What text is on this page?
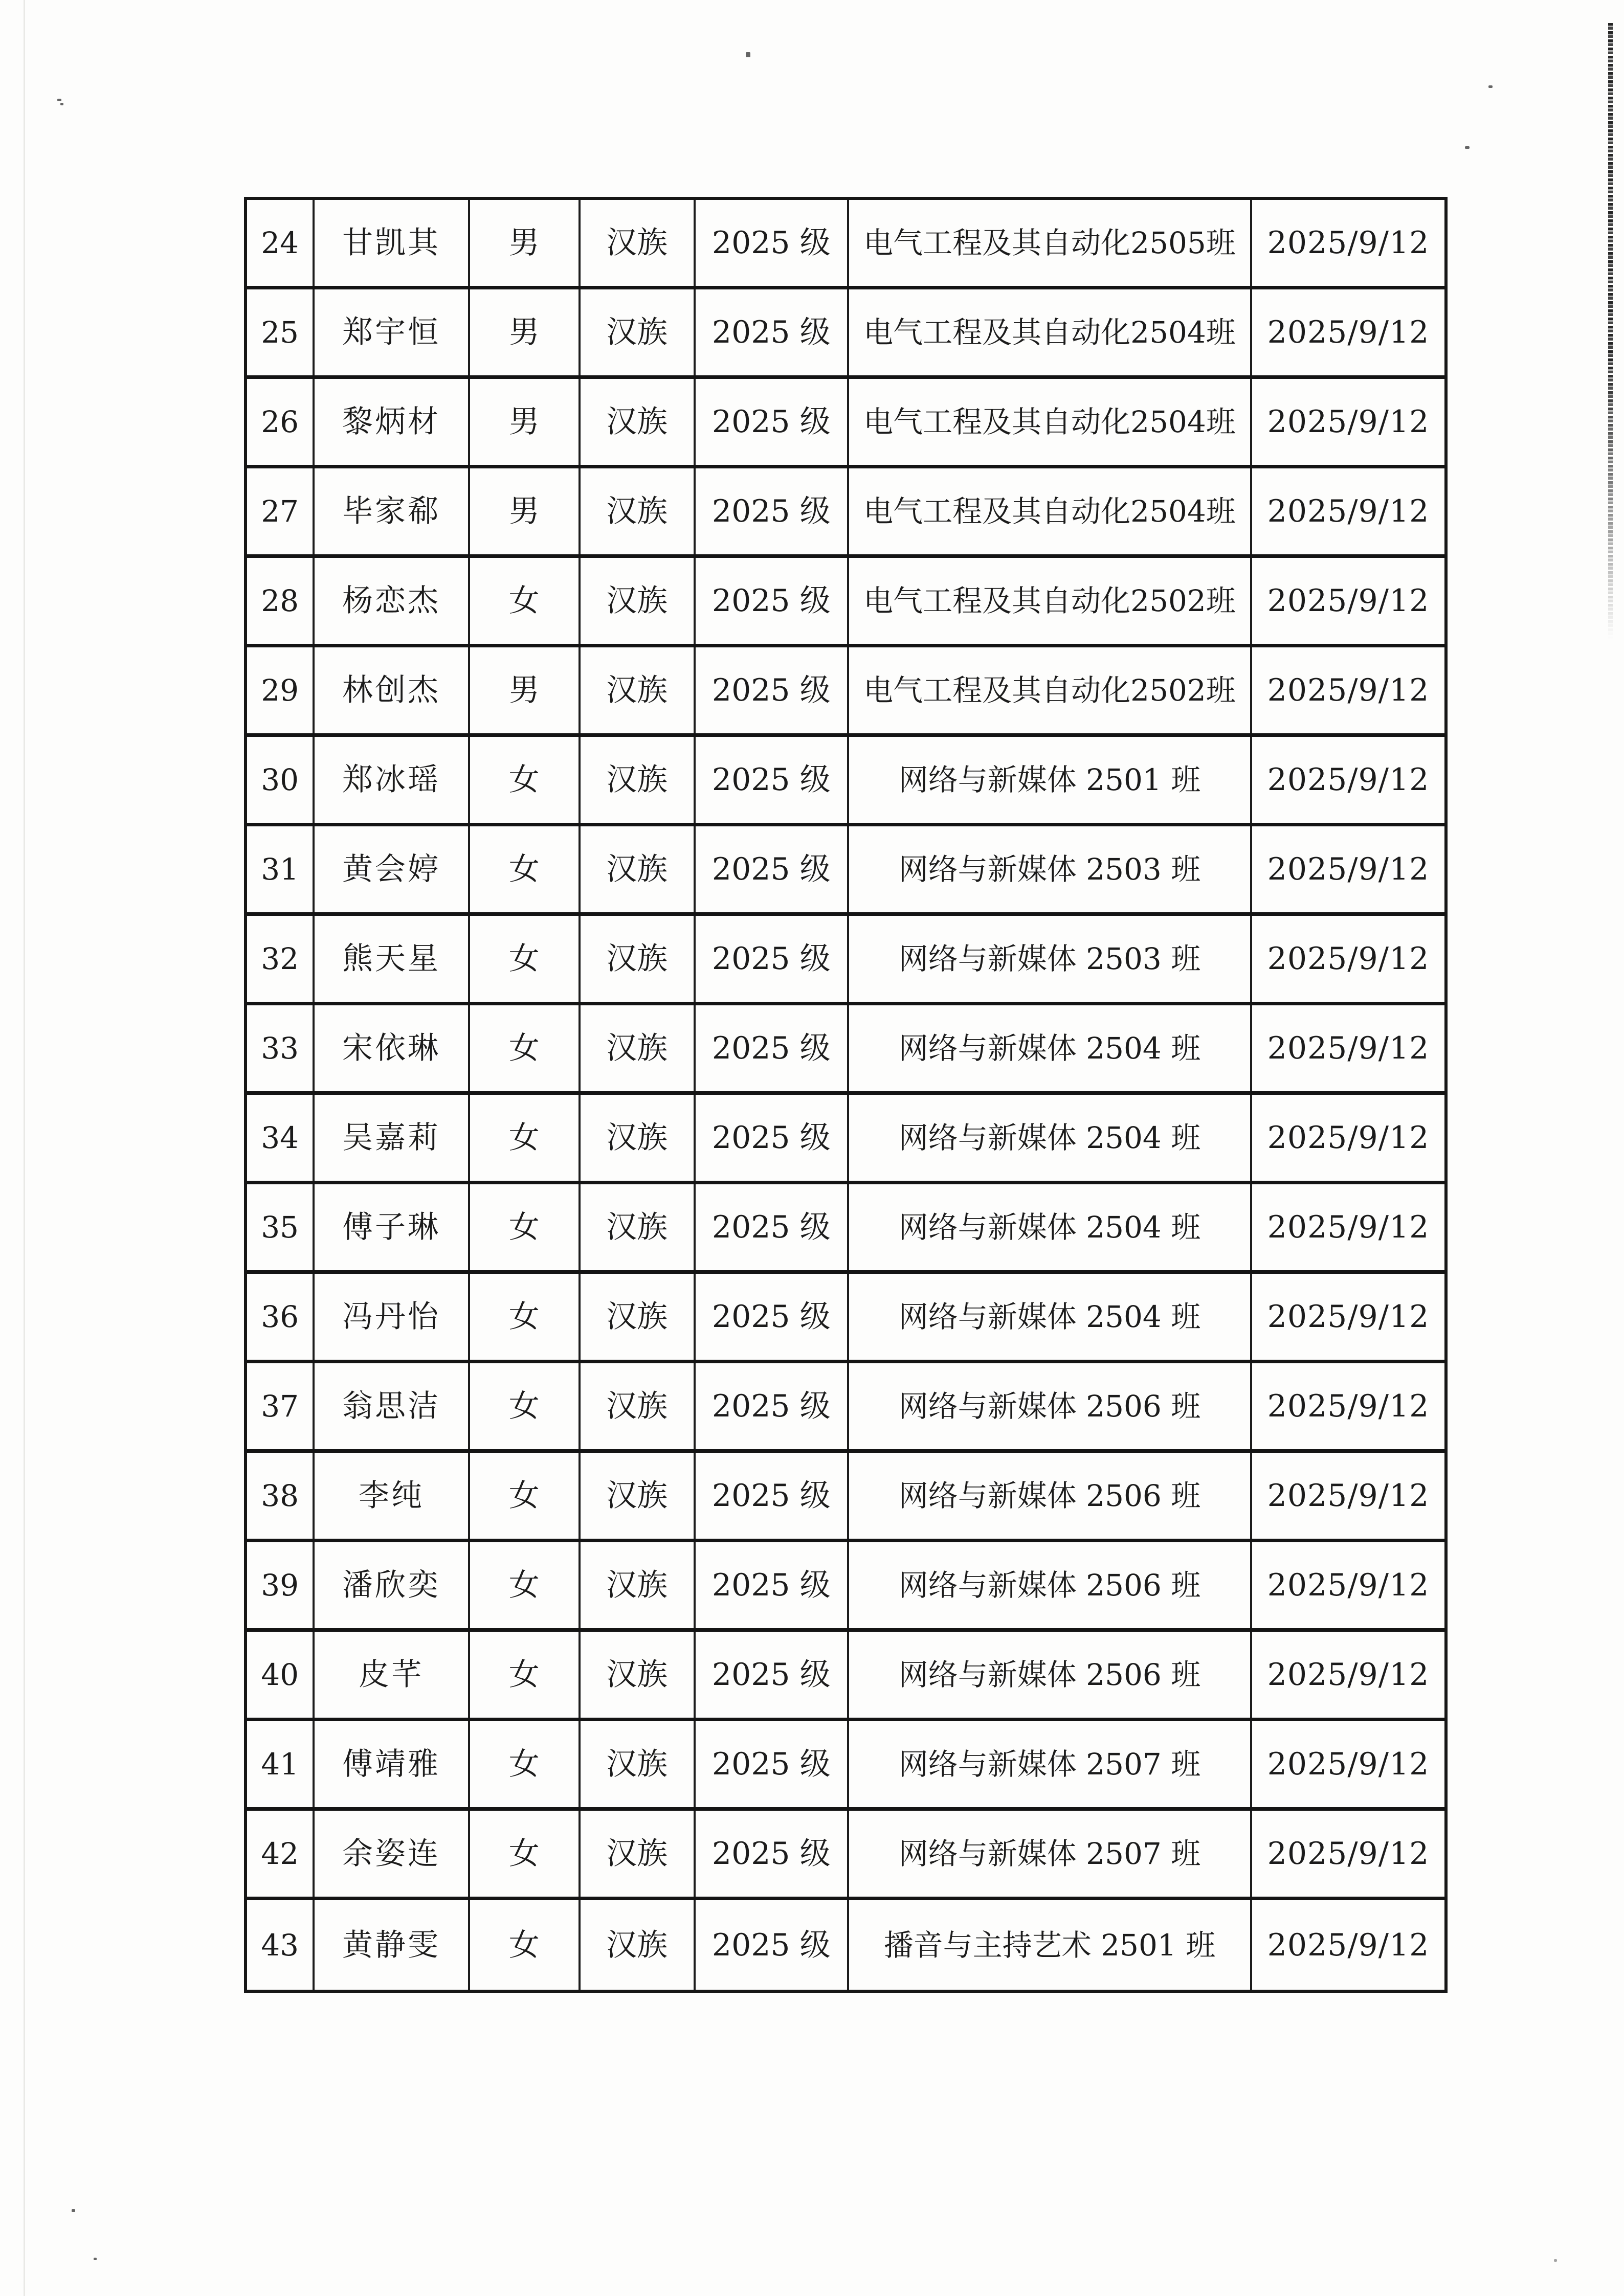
24	甘凯其	男	汉族	2025 级	电气工程及其自动化2505班	2025/9/12
25	郑宇恒	男	汉族	2025 级	电气工程及其自动化2504班	2025/9/12
26	黎炳材	男	汉族	2025 级	电气工程及其自动化2504班	2025/9/12
27	毕家郗	男	汉族	2025 级	电气工程及其自动化2504班	2025/9/12
28	杨恋杰	女	汉族	2025 级	电气工程及其自动化2502班	2025/9/12
29	林创杰	男	汉族	2025 级	电气工程及其自动化2502班	2025/9/12
30	郑冰瑶	女	汉族	2025 级	网络与新媒体 2501 班	2025/9/12
31	黄会婷	女	汉族	2025 级	网络与新媒体 2503 班	2025/9/12
32	熊天星	女	汉族	2025 级	网络与新媒体 2503 班	2025/9/12
33	宋依琳	女	汉族	2025 级	网络与新媒体 2504 班	2025/9/12
34	吴嘉莉	女	汉族	2025 级	网络与新媒体 2504 班	2025/9/12
35	傅子琳	女	汉族	2025 级	网络与新媒体 2504 班	2025/9/12
36	冯丹怡	女	汉族	2025 级	网络与新媒体 2504 班	2025/9/12
37	翁思洁	女	汉族	2025 级	网络与新媒体 2506 班	2025/9/12
38	李纯	女	汉族	2025 级	网络与新媒体 2506 班	2025/9/12
39	潘欣奕	女	汉族	2025 级	网络与新媒体 2506 班	2025/9/12
40	皮芊	女	汉族	2025 级	网络与新媒体 2506 班	2025/9/12
41	傅靖雅	女	汉族	2025 级	网络与新媒体 2507 班	2025/9/12
42	余姿连	女	汉族	2025 级	网络与新媒体 2507 班	2025/9/12
43	黄静雯	女	汉族	2025 级	播音与主持艺术 2501 班	2025/9/12
